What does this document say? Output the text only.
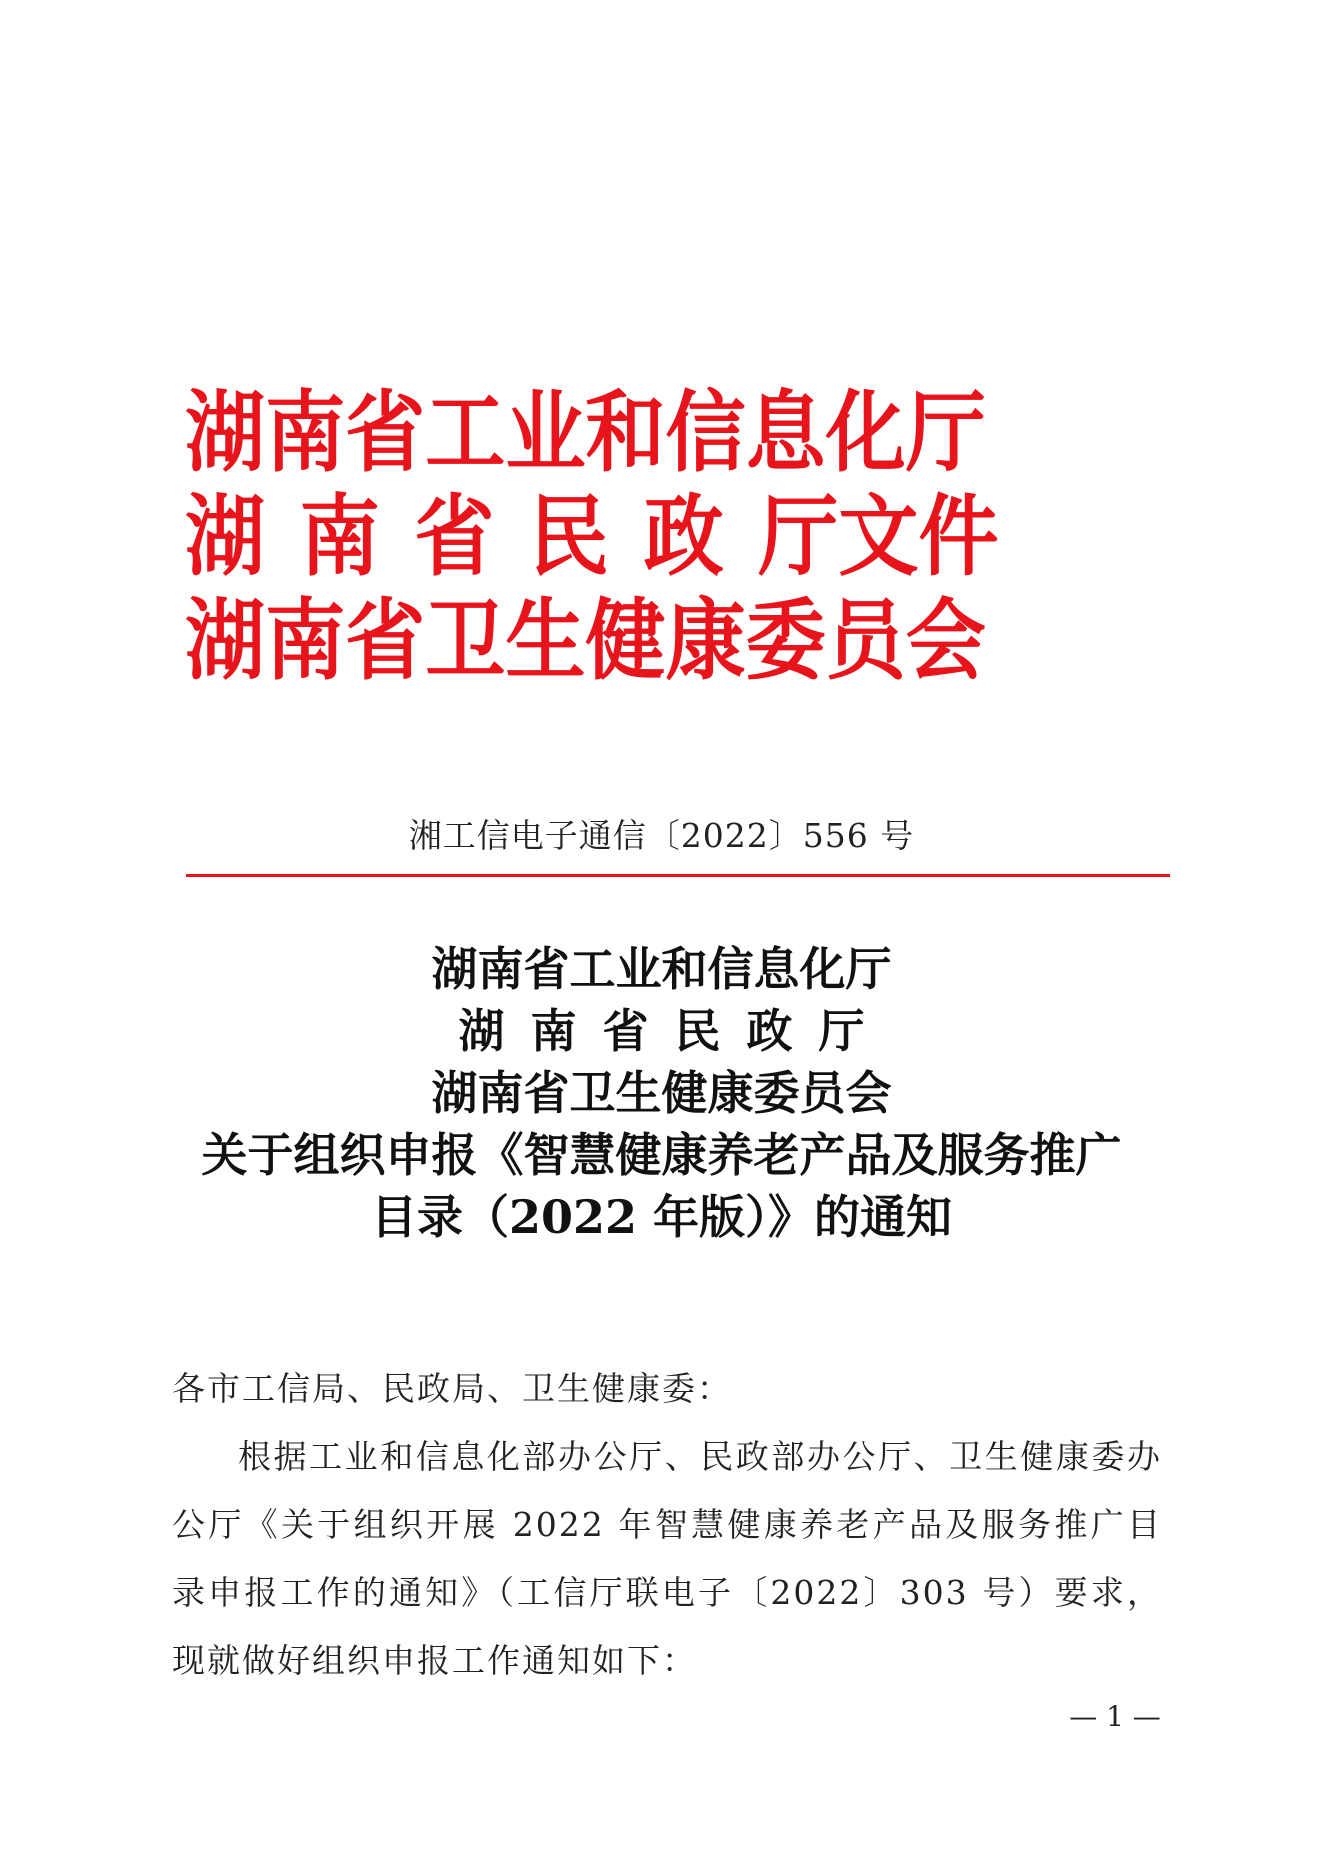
湖南省工业和信息化厅
湖 南 省 民 政 厅文件
湖南省卫生健康委员会
湘工信电子通信〔2022〕556 号
湖南省工业和信息化厅
湖南省民政厅
湖南省卫生健康委员会
关于组织申报《智慧健康养老产品及服务推广
目录（2022 年版）》的通知

各市工信局、民政局、卫生健康委：

根据工业和信息化部办公厅、民政部办公厅、卫生健康委办公厅《关于组织开展 2022 年智慧健康养老产品及服务推广目录申报工作的通知》（工信厅联电子〔2022〕303 号）要求，现就做好组织申报工作通知如下：

— 1 —
